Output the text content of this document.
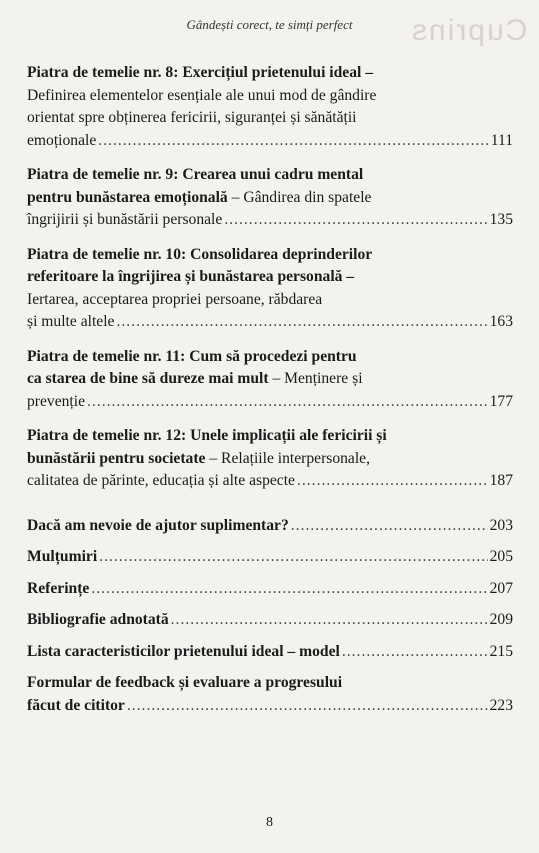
Cuprins
Gândești corect, te simți perfect
Piatra de temelie nr. 8: Exercițiul prietenului ideal –
Definirea elementelor esențiale ale unui mod de gândire
orientat spre obținerea fericirii, siguranței și sănătății
emoționale .....	111
Piatra de temelie nr. 9: Crearea unui cadru mental
pentru bunăstarea emoțională – Gândirea din spatele
îngrijirii și bunăstării personale .....	135
Piatra de temelie nr. 10: Consolidarea deprinderilor
referitoare la îngrijirea și bunăstarea personală –
Iertarea, acceptarea propriei persoane, răbdarea
și multe altele .....	163
Piatra de temelie nr. 11: Cum să procedezi pentru
ca starea de bine să dureze mai mult – Menținere și
prevenție .....	177
Piatra de temelie nr. 12: Unele implicații ale fericirii și
bunăstării pentru societate – Relațiile interpersonale,
calitatea de părinte, educația și alte aspecte .....	187
Dacă am nevoie de ajutor suplimentar? .....	203
Mulțumiri .....	205
Referințe .....	207
Bibliografie adnotată .....	209
Lista caracteristicilor prietenului ideal – model .....	215
Formular de feedback și evaluare a progresului
făcut de cititor .....	223
8
